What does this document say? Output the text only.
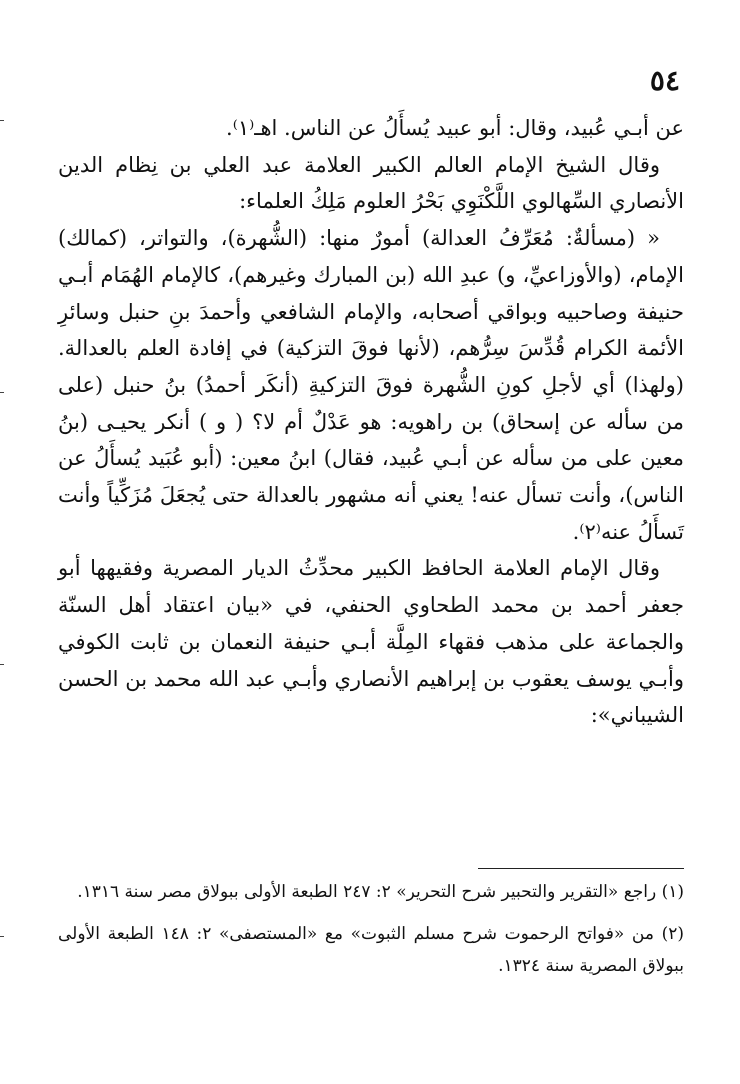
٥٤

عن أبـي عُبيد، وقال: أبو عبيد يُسأَلُ عن الناس. اهـ⁽١⁾.

وقال الشيخ الإمام العالم الكبير العلامة عبد العلي بن نِظام الدين الأنصاري السِّهالوي اللَّكْنَوِي بَحْرُ العلوم مَلِكُ العلماء:

« (مسألةٌ: مُعَرِّفُ العدالة) أمورٌ منها: (الشُّهرة)، والتواتر، (كمالك) الإمام، (والأوزاعيِّ، و) عبدِ الله (بن المبارك وغيرهم)، كالإمام الهُمَام أبـي حنيفة وصاحبيه وبواقي أصحابه، والإمام الشافعي وأحمدَ بنِ حنبل وسائرِ الأئمة الكرام قُدِّسَ سِرُّهم، (لأنها فوقَ التزكية) في إفادة العلم بالعدالة. (ولهذا) أي لأجلِ كونِ الشُّهرة فوقَ التزكيةِ (أنكَر أحمدُ) بنُ حنبل (على من سأله عن إسحاق) بن راهويه: هو عَدْلٌ أم لا؟ ( و ) أنكر يحيـى (بنُ معين على من سأله عن أبـي عُبيد، فقال) ابنُ معين: (أبو عُبَيد يُسأَلُ عن الناس)، وأنت تسأل عنه! يعني أنه مشهور بالعدالة حتى يُجعَلَ مُزَكِّياً وأنت تَسأَلُ عنه⁽٢⁾.

وقال الإمام العلامة الحافظ الكبير محدِّثُ الديار المصرية وفقيهها أبو جعفر أحمد بن محمد الطحاوي الحنفي، في «بيان اعتقاد أهل السنّة والجماعة على مذهب فقهاء المِلَّة أبـي حنيفة النعمان بن ثابت الكوفي وأبـي يوسف يعقوب بن إبراهيم الأنصاري وأبـي عبد الله محمد بن الحسن الشيباني»:

(١) راجع «التقرير والتحبير شرح التحرير» ٢: ٢٤٧ الطبعة الأولى ببولاق مصر سنة ١٣١٦.

(٢) من «فواتح الرحموت شرح مسلم الثبوت» مع «المستصفى» ٢: ١٤٨ الطبعة الأولى ببولاق المصرية سنة ١٣٢٤.
